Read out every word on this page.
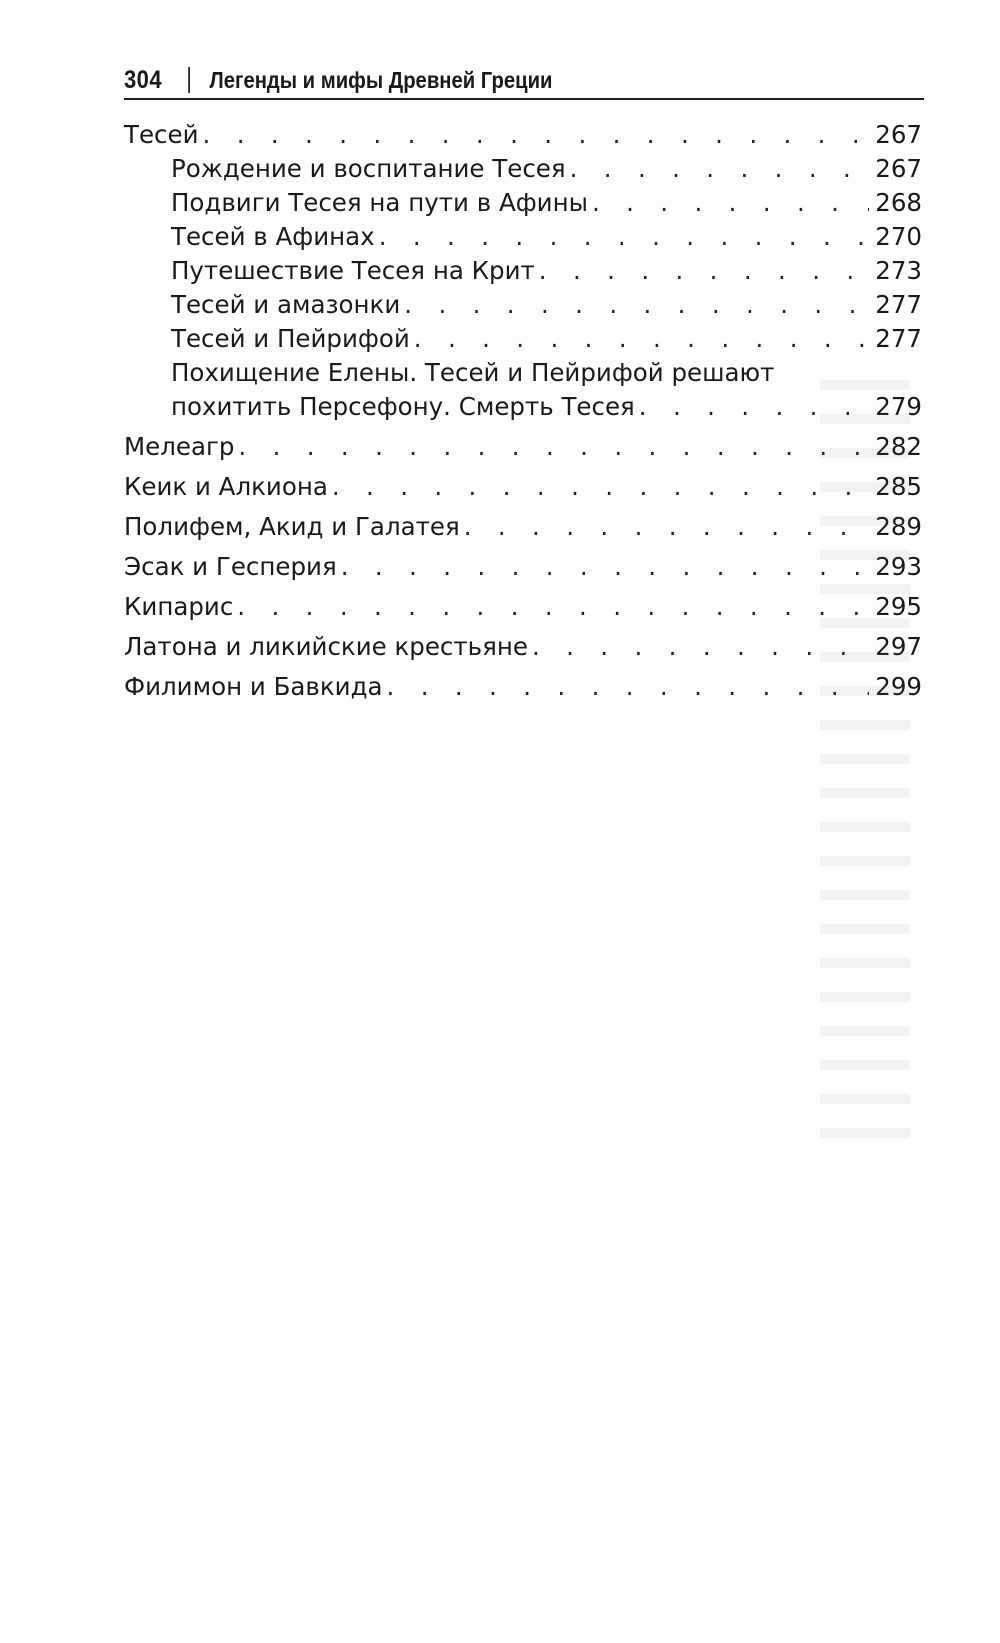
304 Легенды и мифы Древней Греции
Тесей . . .	267
Рождение и воспитание Тесея . . .	267
Подвиги Тесея на пути в Афины . . .	268
Тесей в Афинах . . .	270
Путешествие Тесея на Крит . . .	273
Тесей и амазонки . . .	277
Тесей и Пейрифой . . .	277
Похищение Елены. Тесей и Пейрифой решают
похитить Персефону. Смерть Тесея . . .	279
Мелеагр . . .	282
Кеик и Алкиона . . .	285
Полифем, Акид и Галатея . . .	289
Эсак и Гесперия . . .	293
Кипарис . . .	295
Латона и ликийские крестьяне . . .	297
Филимон и Бавкида . . .	299
